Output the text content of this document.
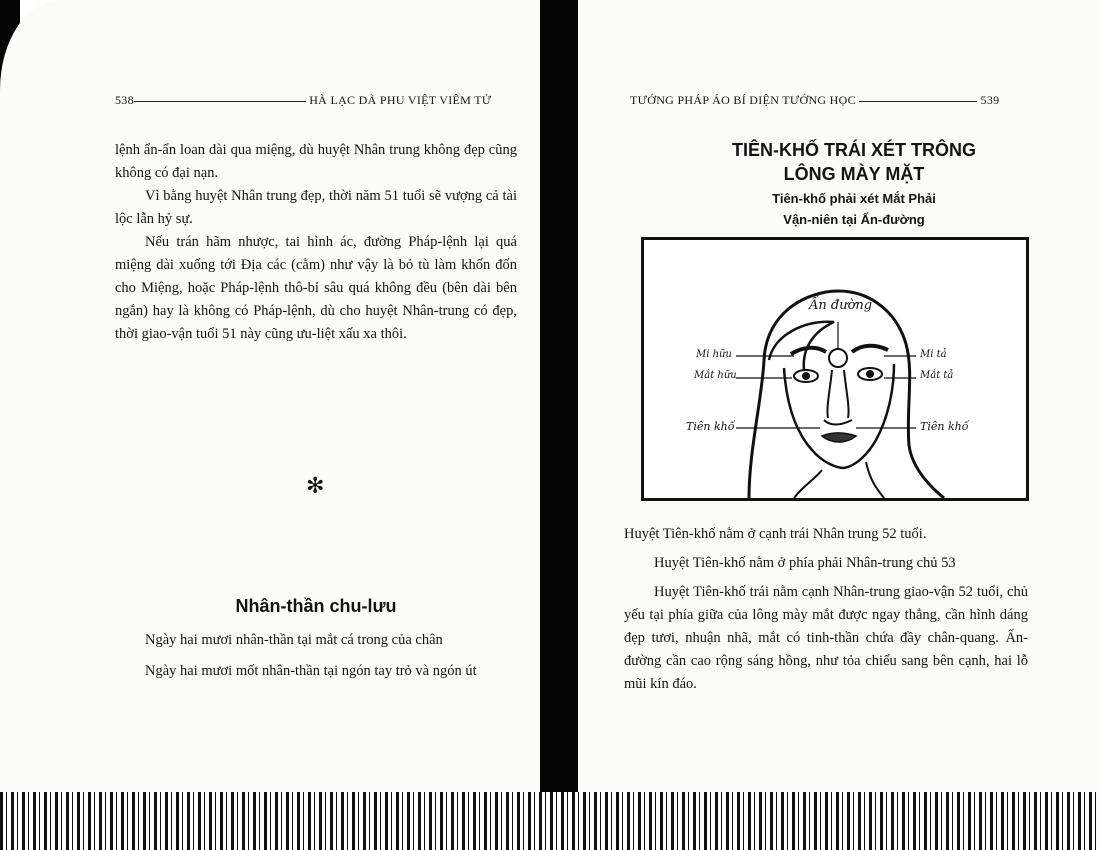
538	HÀ LẠC DÃ PHU VIỆT VIÊM TỬ

lệnh ẩn-ẩn loan dài qua miệng, dù huyệt Nhân trung không đẹp cũng không có đại nạn.

Vì bằng huyệt Nhân trung đẹp, thời năm 51 tuổi sẽ vượng cả tài lộc lẫn hỷ sự.

Nếu trán hãm nhược, tai hình ác, đường Pháp-lệnh lại quá miệng dài xuống tới Địa các (cằm) như vậy là bỏ tù làm khốn đốn cho Miệng, hoặc Pháp-lệnh thô-bỉ sâu quá không đều (bên dài bên ngắn) hay là không có Pháp-lệnh, dù cho huyệt Nhân-trung có đẹp, thời giao-vận tuổi 51 này cũng ưu-liệt xấu xa thôi.

✻
Nhân-thần chu-lưu

Ngày hai mươi nhân-thần tại mắt cá trong của chân

Ngày hai mươi mốt nhân-thần tại ngón tay trỏ và ngón út

TƯỚNG PHÁP ÁO BÍ DIỆN TƯỚNG HỌC	539
TIÊN-KHỐ TRÁI XÉT TRÔNG
LÔNG MÀY MẶT
Tiên-khố phải xét Mắt Phải
Vận-niên tại Ấn-đường

Huyệt Tiên-khố nằm ở cạnh trái Nhân trung 52 tuổi.

Huyệt Tiên-khố nằm ở phía phải Nhân-trung chủ 53

Huyệt Tiên-khố trái nằm cạnh Nhân-trung giao-vận 52 tuổi, chủ yếu tại phía giữa của lông mày mắt được ngay thẳng, cần hình dáng đẹp tươi, nhuận nhã, mắt có tinh-thần chứa đầy chân-quang. Ấn-đường cần cao rộng sáng hồng, như tỏa chiếu sang bên cạnh, hai lỗ mũi kín đáo.

Ấn đường
Mi hữu
Mắt hữu
Mi tả
Mắt tả
Tiên khố	Tiên khố
